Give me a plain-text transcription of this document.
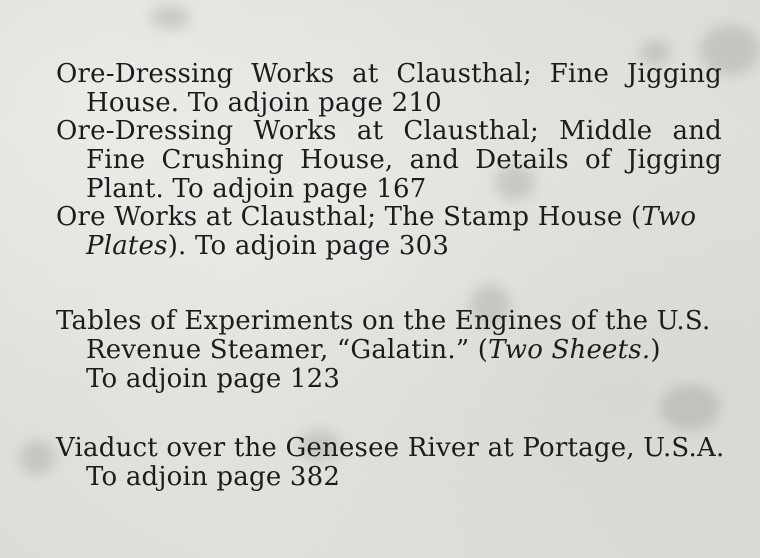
Ore-Dressing Works at Clausthal; Fine Jigging
House. To adjoin page 210
Ore-Dressing Works at Clausthal; Middle and
Fine Crushing House, and Details of Jigging
Plant. To adjoin page 167
Ore Works at Clausthal; The Stamp House (Two
Plates). To adjoin page 303
Tables of Experiments on the Engines of the U.S.
Revenue Steamer, “Galatin.” (Two Sheets.)
To adjoin page 123
Viaduct over the Genesee River at Portage, U.S.A.
To adjoin page 382
